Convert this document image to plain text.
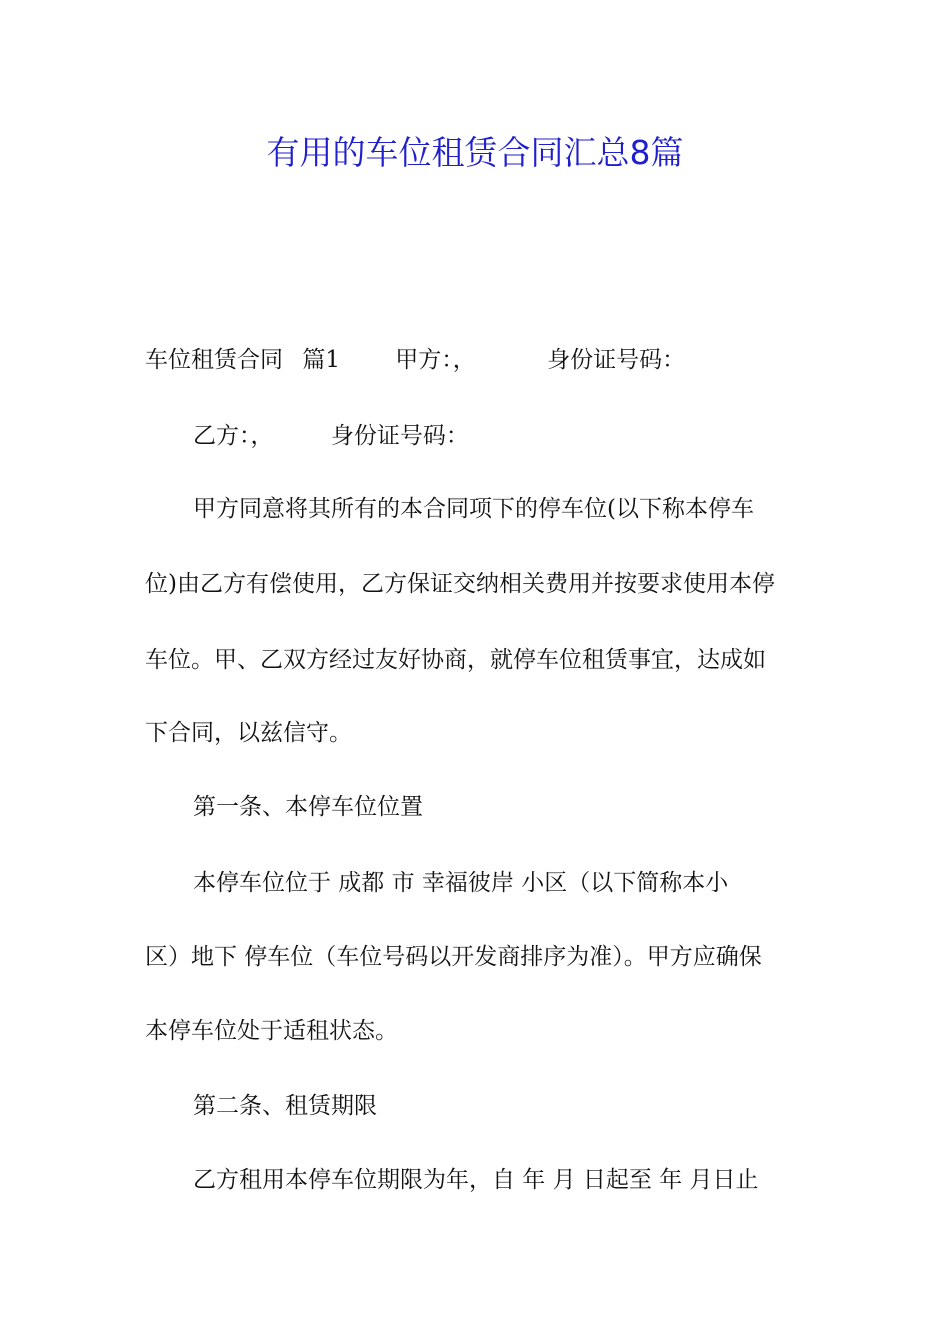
有用的车位租赁合同汇总8篇
车位租赁合同 篇1 甲方：，	身份证号码：
乙方：， 身份证号码：
甲方同意将其所有的本合同项下的停车位(以下称本停车
位)由乙方有偿使用，乙方保证交纳相关费用并按要求使用本停
车位。甲、乙双方经过友好协商，就停车位租赁事宜，达成如
下合同，以兹信守。
第一条、本停车位位置
本停车位位于 成都 市 幸福彼岸 小区（以下简称本小
区）地下 停车位（车位号码以开发商排序为准）。甲方应确保
本停车位处于适租状态。
第二条、租赁期限
乙方租用本停车位期限为年，自 年 月 日起至 年 月日止
